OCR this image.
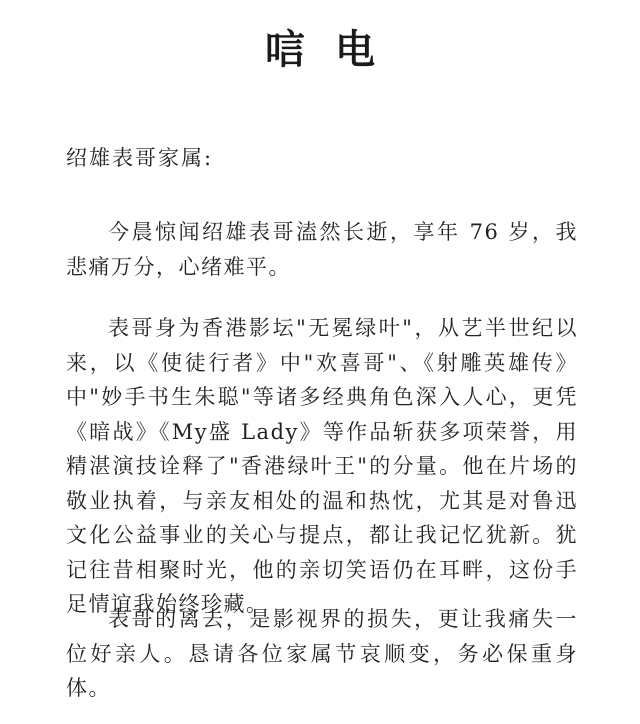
唁电

绍雄表哥家属:

今晨惊闻绍雄表哥溘然长逝，享年 76 岁，我悲痛万分，心绪难平。

表哥身为香港影坛"无冕绿叶"，从艺半世纪以来，以《使徒行者》中"欢喜哥"、《射雕英雄传》中"妙手书生朱聪"等诸多经典角色深入人心，更凭《暗战》《My盛 Lady》等作品斩获多项荣誉，用精湛演技诠释了"香港绿叶王"的分量。他在片场的敬业执着，与亲友相处的温和热忱，尤其是对鲁迅文化公益事业的关心与提点，都让我记忆犹新。犹记往昔相聚时光，他的亲切笑语仍在耳畔，这份手足情谊我始终珍藏。

表哥的离去，是影视界的损失，更让我痛失一位好亲人。恳请各位家属节哀顺变，务必保重身体。
